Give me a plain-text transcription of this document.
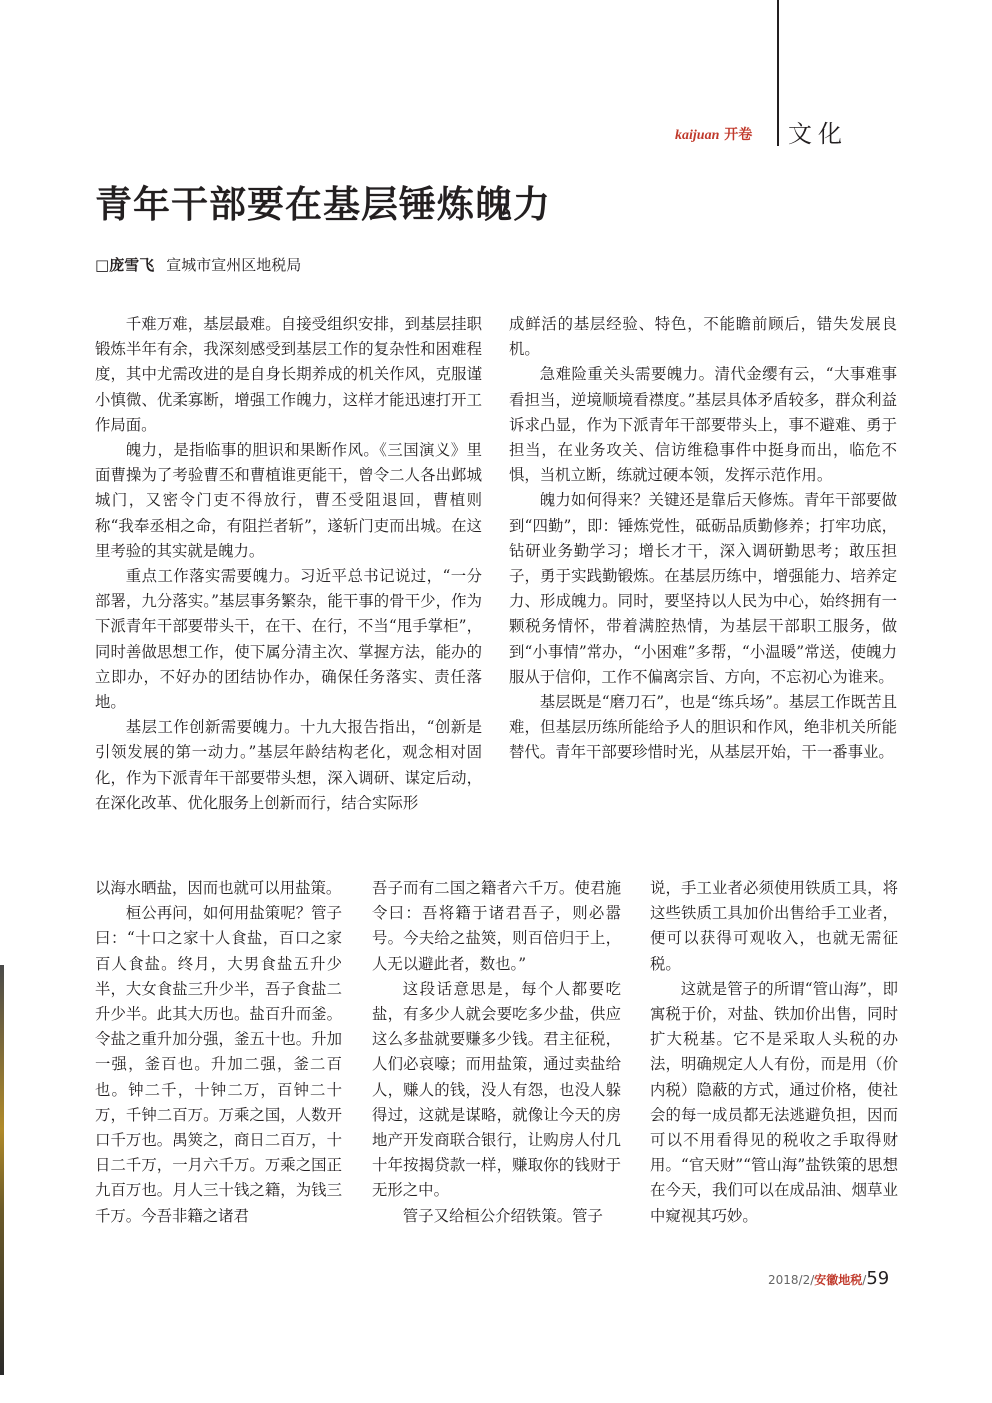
kaijuan 开卷 文化
青年干部要在基层锤炼魄力
□庞雪飞 宣城市宣州区地税局

千难万难，基层最难。自接受组织安排，到基层挂职锻炼半年有余，我深刻感受到基层工作的复杂性和困难程度，其中尤需改进的是自身长期养成的机关作风，克服谨小慎微、优柔寡断，增强工作魄力，这样才能迅速打开工作局面。

魄力，是指临事的胆识和果断作风。《三国演义》里面曹操为了考验曹丕和曹植谁更能干，曾令二人各出邺城城门，又密令门吏不得放行，曹丕受阻退回，曹植则称“我奉丞相之命，有阻拦者斩”，遂斩门吏而出城。在这里考验的其实就是魄力。

重点工作落实需要魄力。习近平总书记说过，“一分部署，九分落实。”基层事务繁杂，能干事的骨干少，作为下派青年干部要带头干，在干、在行，不当“甩手掌柜”，同时善做思想工作，使下属分清主次、掌握方法，能办的立即办，不好办的团结协作办，确保任务落实、责任落地。

基层工作创新需要魄力。十九大报告指出，“创新是引领发展的第一动力。”基层年龄结构老化，观念相对固化，作为下派青年干部要带头想，深入调研、谋定后动，在深化改革、优化服务上创新而行，结合实际形

成鲜活的基层经验、特色，不能瞻前顾后，错失发展良机。

急难险重关头需要魄力。清代金缨有云，“大事难事看担当，逆境顺境看襟度。”基层具体矛盾较多，群众利益诉求凸显，作为下派青年干部要带头上，事不避难、勇于担当，在业务攻关、信访维稳事件中挺身而出，临危不惧，当机立断，练就过硬本领，发挥示范作用。

魄力如何得来？关键还是靠后天修炼。青年干部要做到“四勤”，即：锤炼党性，砥砺品质勤修养；打牢功底，钻研业务勤学习；增长才干，深入调研勤思考；敢压担子，勇于实践勤锻炼。在基层历练中，增强能力、培养定力、形成魄力。同时，要坚持以人民为中心，始终拥有一颗税务情怀，带着满腔热情，为基层干部职工服务，做到“小事情”常办，“小困难”多帮，“小温暖”常送，使魄力服从于信仰，工作不偏离宗旨、方向，不忘初心为谁来。

基层既是“磨刀石”，也是“练兵场”。基层工作既苦且难，但基层历练所能给予人的胆识和作风，绝非机关所能替代。青年干部要珍惜时光，从基层开始，干一番事业。

以海水晒盐，因而也就可以用盐策。

桓公再问，如何用盐策呢？管子曰：“十口之家十人食盐，百口之家百人食盐。终月，大男食盐五升少半，大女食盐三升少半，吾子食盐二升少半。此其大历也。盐百升而釜。令盐之重升加分强，釜五十也。升加一强，釜百也。升加二强，釜二百也。钟二千，十钟二万，百钟二十万，千钟二百万。万乘之国，人数开口千万也。禺筴之，商日二百万，十日二千万，一月六千万。万乘之国正九百万也。月人三十钱之籍，为钱三千万。今吾非籍之诸君

吾子而有二国之籍者六千万。使君施令曰：吾将籍于诸君吾子，则必嚣号。今夫给之盐筴，则百倍归于上，人无以避此者，数也。”

这段话意思是，每个人都要吃盐，有多少人就会要吃多少盐，供应这么多盐就要赚多少钱。君主征税，人们必哀嚎；而用盐策，通过卖盐给人，赚人的钱，没人有怨，也没人躲得过，这就是谋略，就像让今天的房地产开发商联合银行，让购房人付几十年按揭贷款一样，赚取你的钱财于无形之中。

管子又给桓公介绍铁策。管子

说，手工业者必须使用铁质工具，将这些铁质工具加价出售给手工业者，便可以获得可观收入，也就无需征税。

这就是管子的所谓“管山海”，即寓税于价，对盐、铁加价出售，同时扩大税基。它不是采取人头税的办法，明确规定人人有份，而是用（价内税）隐蔽的方式，通过价格，使社会的每一成员都无法逃避负担，因而可以不用看得见的税收之手取得财用。“官天财”“管山海”盐铁策的思想在今天，我们可以在成品油、烟草业中窥视其巧妙。

2018/2/安徽地税/59
